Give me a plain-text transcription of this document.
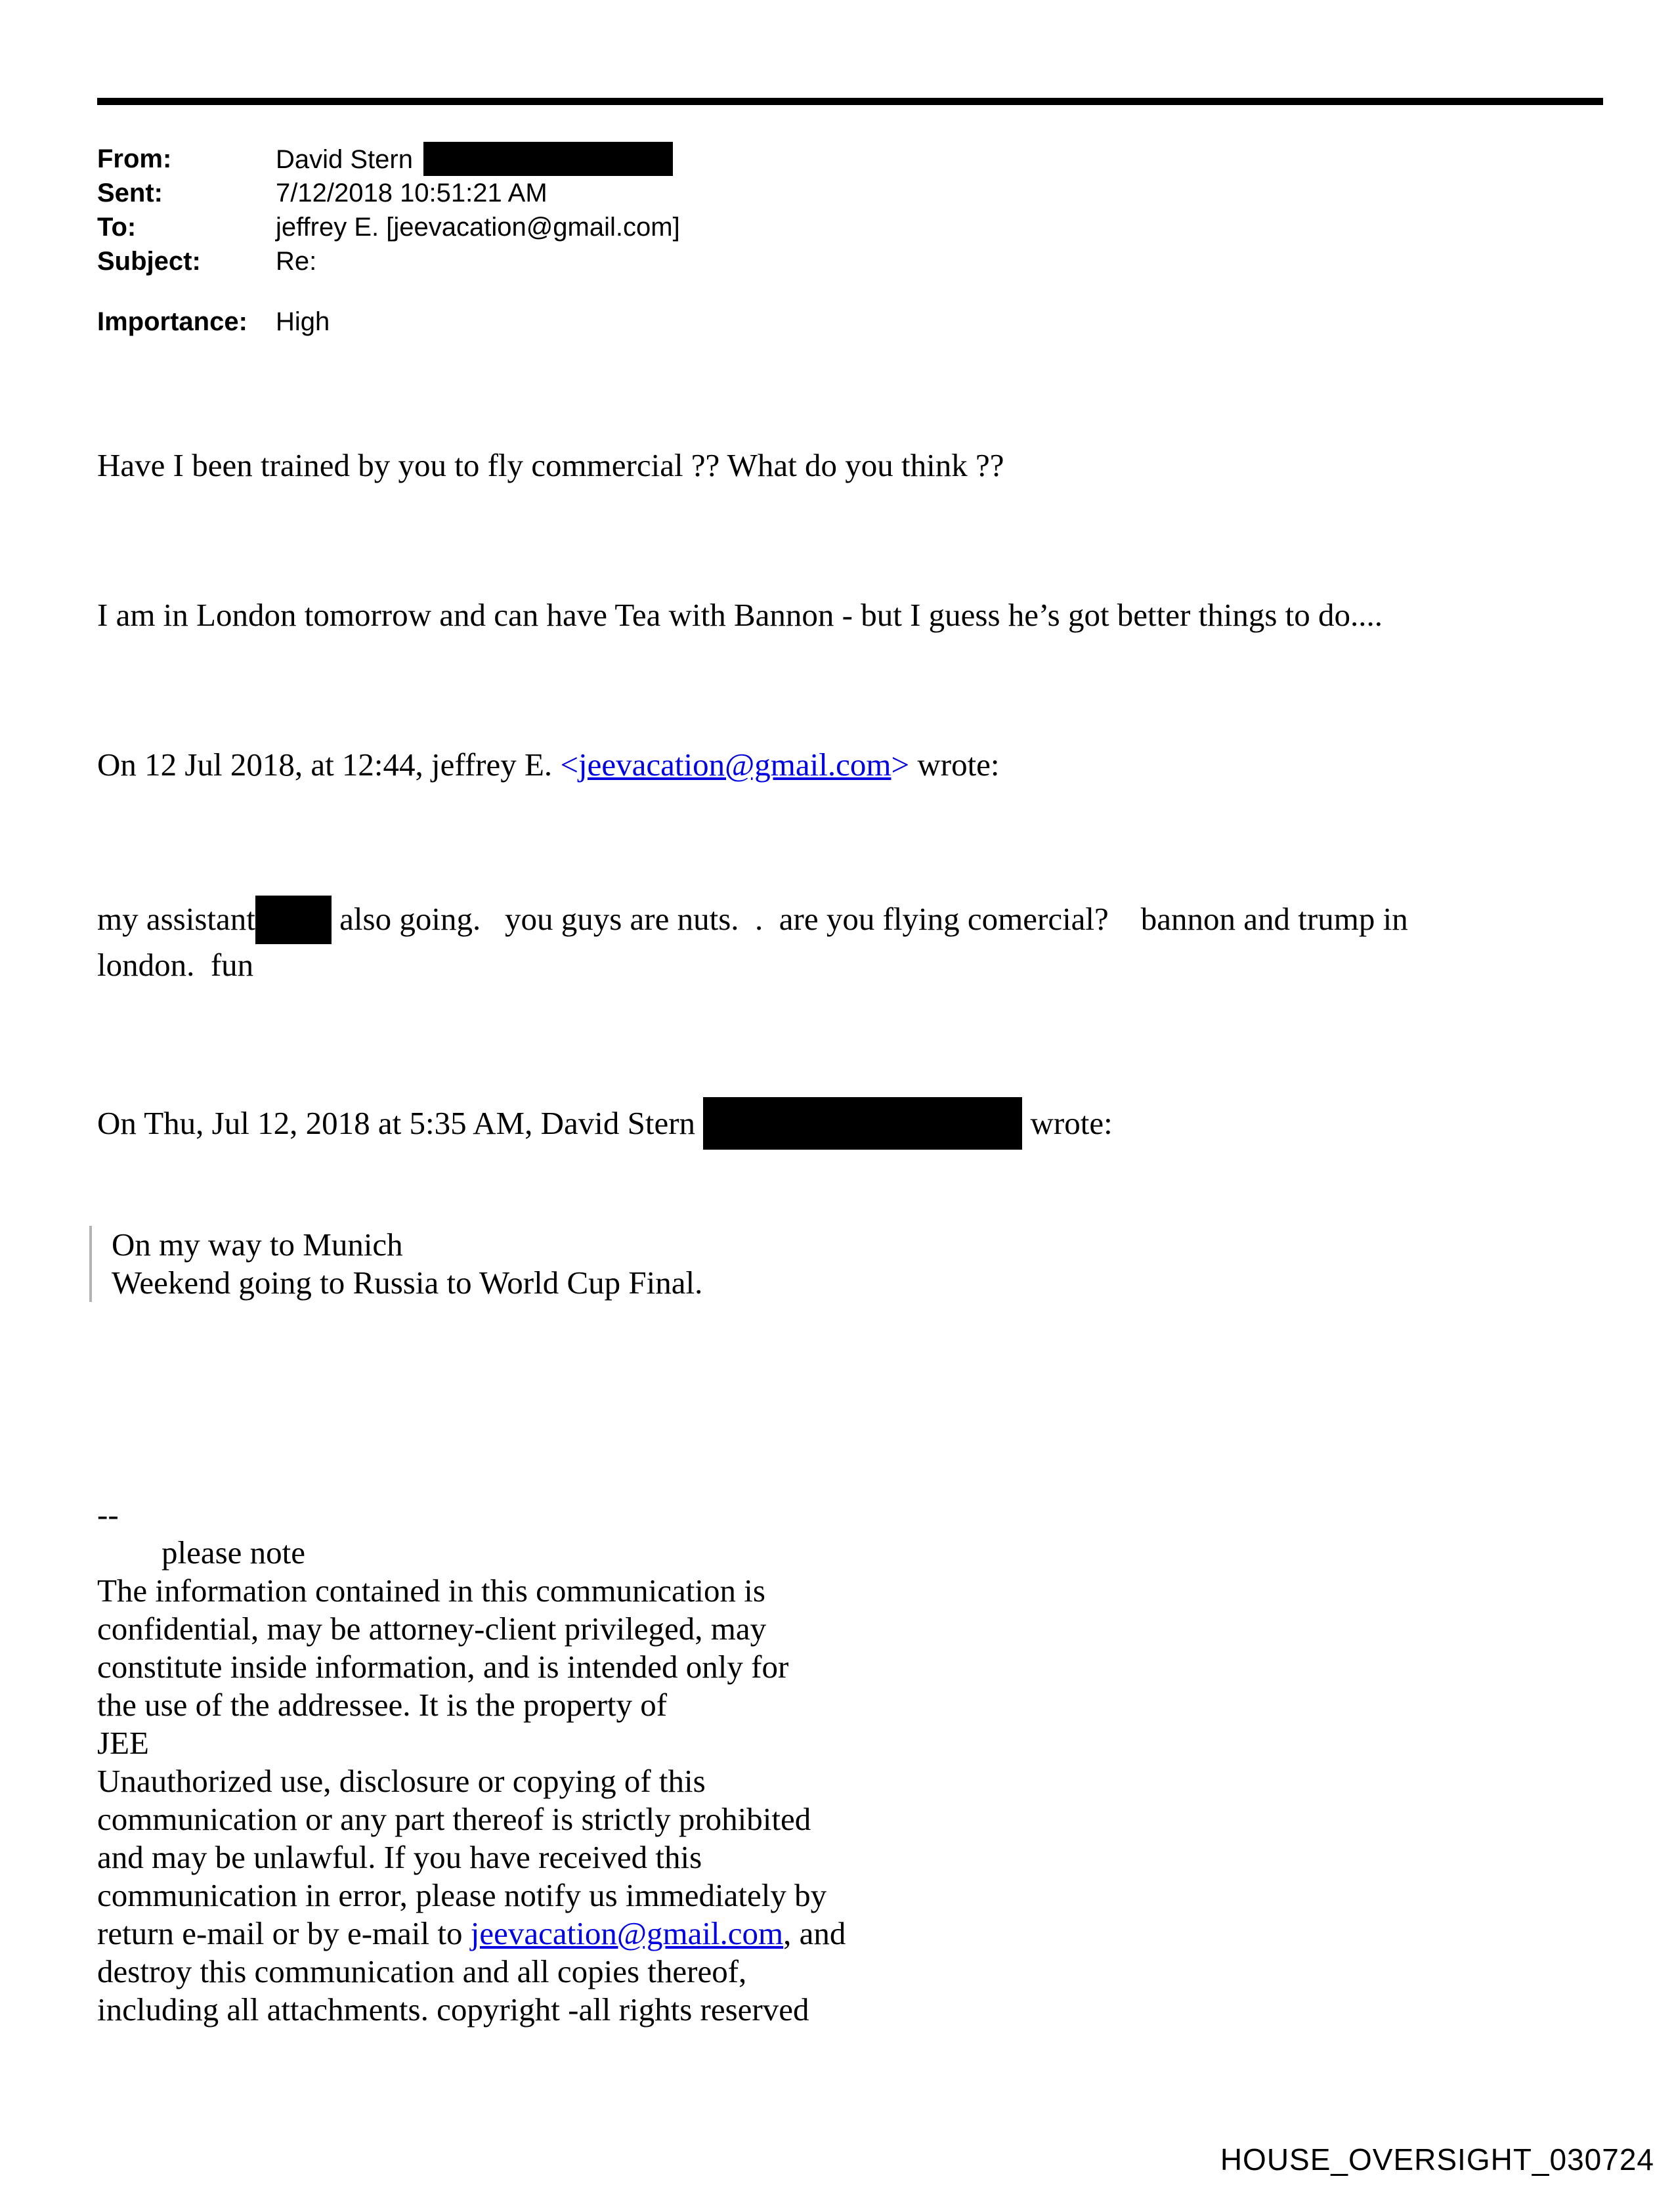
From:	David Stern
Sent:	7/12/2018 10:51:21 AM
To:	jeffrey E. [jeevacation@gmail.com]
Subject:	Re:
Importance:	High

Have I been trained by you to fly commercial ?? What do you think ??

I am in London tomorrow and can have Tea with Bannon - but I guess he’s got better things to do....

On 12 Jul 2018, at 12:44, jeffrey E. <jeevacation@gmail.com> wrote:

my assistant	also going.   you guys are nuts.  .  are you flying comercial?    bannon and trump in
london.  fun

On Thu, Jul 12, 2018 at 5:35 AM, David Stern	wrote:

On my way to Munich
Weekend going to Russia to World Cup Final.

--
please note
The information contained in this communication is
confidential, may be attorney-client privileged, may
constitute inside information, and is intended only for
the use of the addressee. It is the property of
JEE
Unauthorized use, disclosure or copying of this
communication or any part thereof is strictly prohibited
and may be unlawful. If you have received this
communication in error, please notify us immediately by
return e-mail or by e-mail to jeevacation@gmail.com, and
destroy this communication and all copies thereof,
including all attachments. copyright -all rights reserved

HOUSE_OVERSIGHT_030724
